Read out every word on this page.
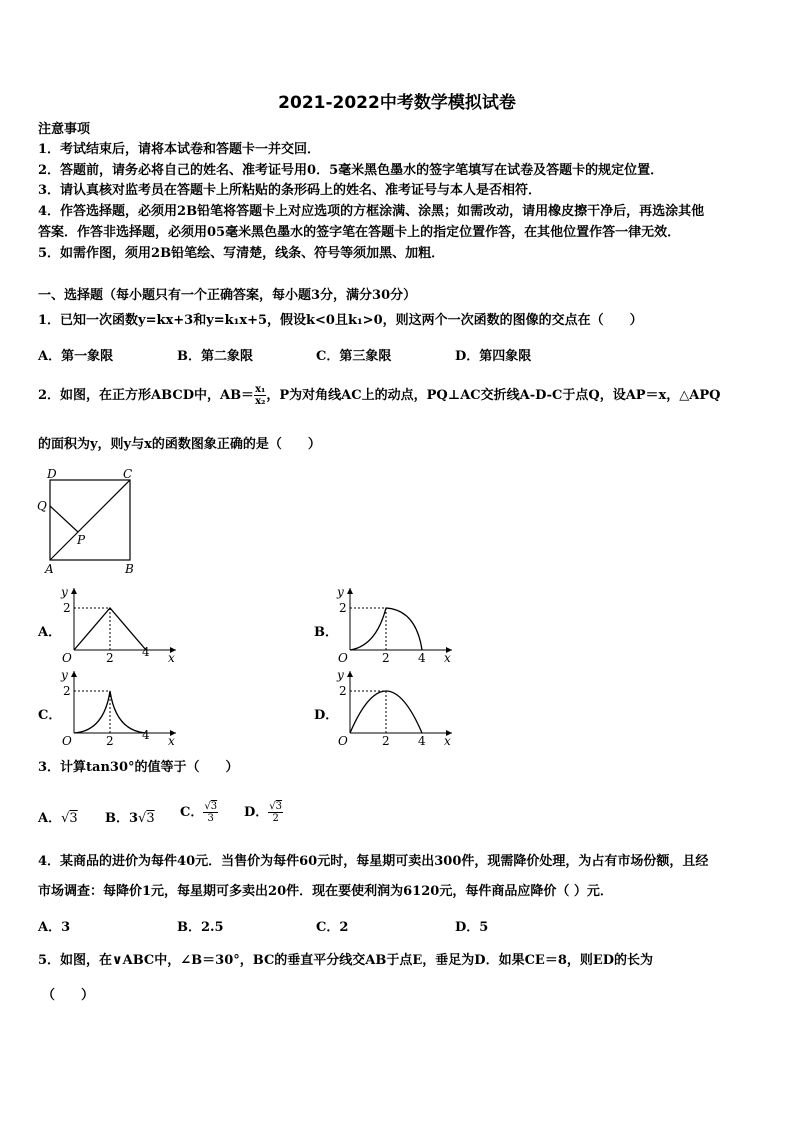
2021-2022中考数学模拟试卷
注意事项
1．考试结束后，请将本试卷和答题卡一并交回．
2．答题前，请务必将自己的姓名、准考证号用0．5毫米黑色墨水的签字笔填写在试卷及答题卡的规定位置．
3．请认真核对监考员在答题卡上所粘贴的条形码上的姓名、准考证号与本人是否相符．
4．作答选择题，必须用2B铅笔将答题卡上对应选项的方框涂满、涂黑；如需改动，请用橡皮擦干净后，再选涂其他
答案．作答非选择题，必须用05毫米黑色墨水的签字笔在答题卡上的指定位置作答，在其他位置作答一律无效．
5．如需作图，须用2B铅笔绘、写清楚，线条、符号等须加黑、加粗．
一、选择题（每小题只有一个正确答案，每小题3分，满分30分）
1．已知一次函数y=kx+3和y=k₁x+5，假设k<0且k₁>0，则这两个一次函数的图像的交点在（　　）
A．第一象限	B．第二象限	C．第三象限	D．第四象限
2．如图，在正方形ABCD中，$AB= \frac{\text{x₁}}{\text{x₂}}$ ，P为对角线AC上的动点，PQ⊥AC交折线A-D-C于点Q，设AP＝x，△APQ
的面积为y，则y与x的函数图象正确的是（　　）
D	C
Q
P
A	B
A．	B．
C．	D．
O
2
y
2 4 x	O
2
y
2 4 x
O
2
y
2 4 x	O
2
y
2 4 x
3．计算tan30°的值等于（　　）
A．√3 B．3√3 C． $\frac{√3}{3}$ D． $\frac{√3}{2}$
4．某商品的进价为每件40元．当售价为每件60元时，每星期可卖出300件，现需降价处理，为占有市场份额，且经
市场调查：每降价1元，每星期可多卖出20件．现在要使利润为6120元，每件商品应降价（ ）元．
A．3	B．2.5	C．2	D．5
5．如图，在∨ABC中，∠B＝30°，BC的垂直平分线交AB于点E，垂足为D．如果CE＝8，则ED的长为
（　　）
